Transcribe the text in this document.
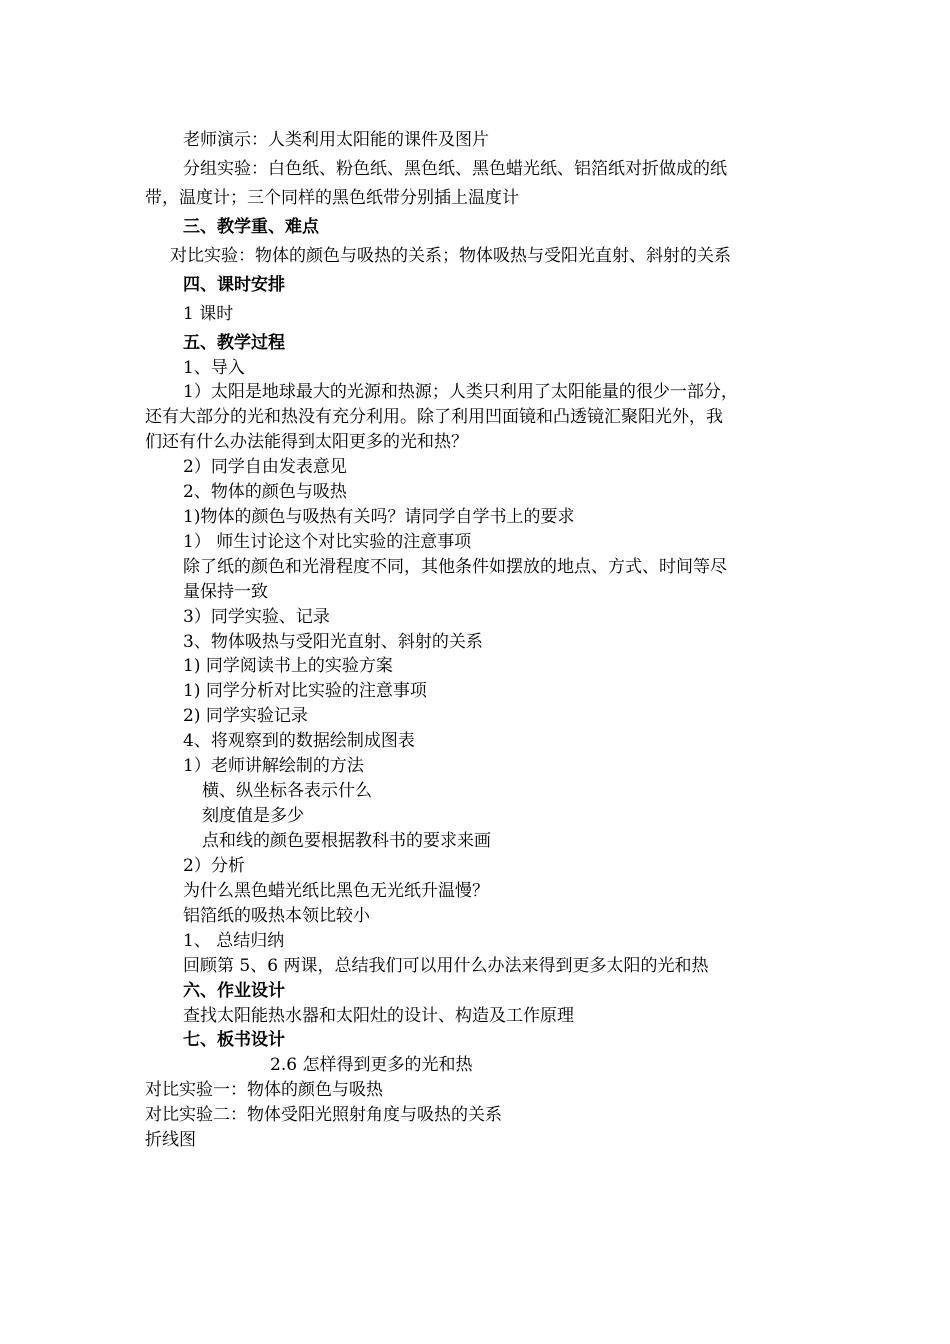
老师演示：人类利用太阳能的课件及图片
分组实验：白色纸、粉色纸、黑色纸、黑色蜡光纸、铝箔纸对折做成的纸
带，温度计；三个同样的黑色纸带分别插上温度计
三、教学重、难点
对比实验：物体的颜色与吸热的关系；物体吸热与受阳光直射、斜射的关系
四、课时安排
1 课时
五、教学过程
1、导入
1）太阳是地球最大的光源和热源；人类只利用了太阳能量的很少一部分，
还有大部分的光和热没有充分利用。除了利用凹面镜和凸透镜汇聚阳光外，我
们还有什么办法能得到太阳更多的光和热？
2）同学自由发表意见
2、物体的颜色与吸热
1)物体的颜色与吸热有关吗？请同学自学书上的要求
1） 师生讨论这个对比实验的注意事项
除了纸的颜色和光滑程度不同，其他条件如摆放的地点、方式、时间等尽
量保持一致
3）同学实验、记录
3、物体吸热与受阳光直射、斜射的关系
1) 同学阅读书上的实验方案
1) 同学分析对比实验的注意事项
2) 同学实验记录
4、将观察到的数据绘制成图表
1）老师讲解绘制的方法
横、纵坐标各表示什么
刻度值是多少
点和线的颜色要根据教科书的要求来画
2）分析
为什么黑色蜡光纸比黑色无光纸升温慢？
铝箔纸的吸热本领比较小
1、 总结归纳
回顾第 5、6 两课，总结我们可以用什么办法来得到更多太阳的光和热
六、作业设计
查找太阳能热水器和太阳灶的设计、构造及工作原理
七、板书设计
2.6 怎样得到更多的光和热
对比实验一：物体的颜色与吸热
对比实验二：物体受阳光照射角度与吸热的关系
折线图
